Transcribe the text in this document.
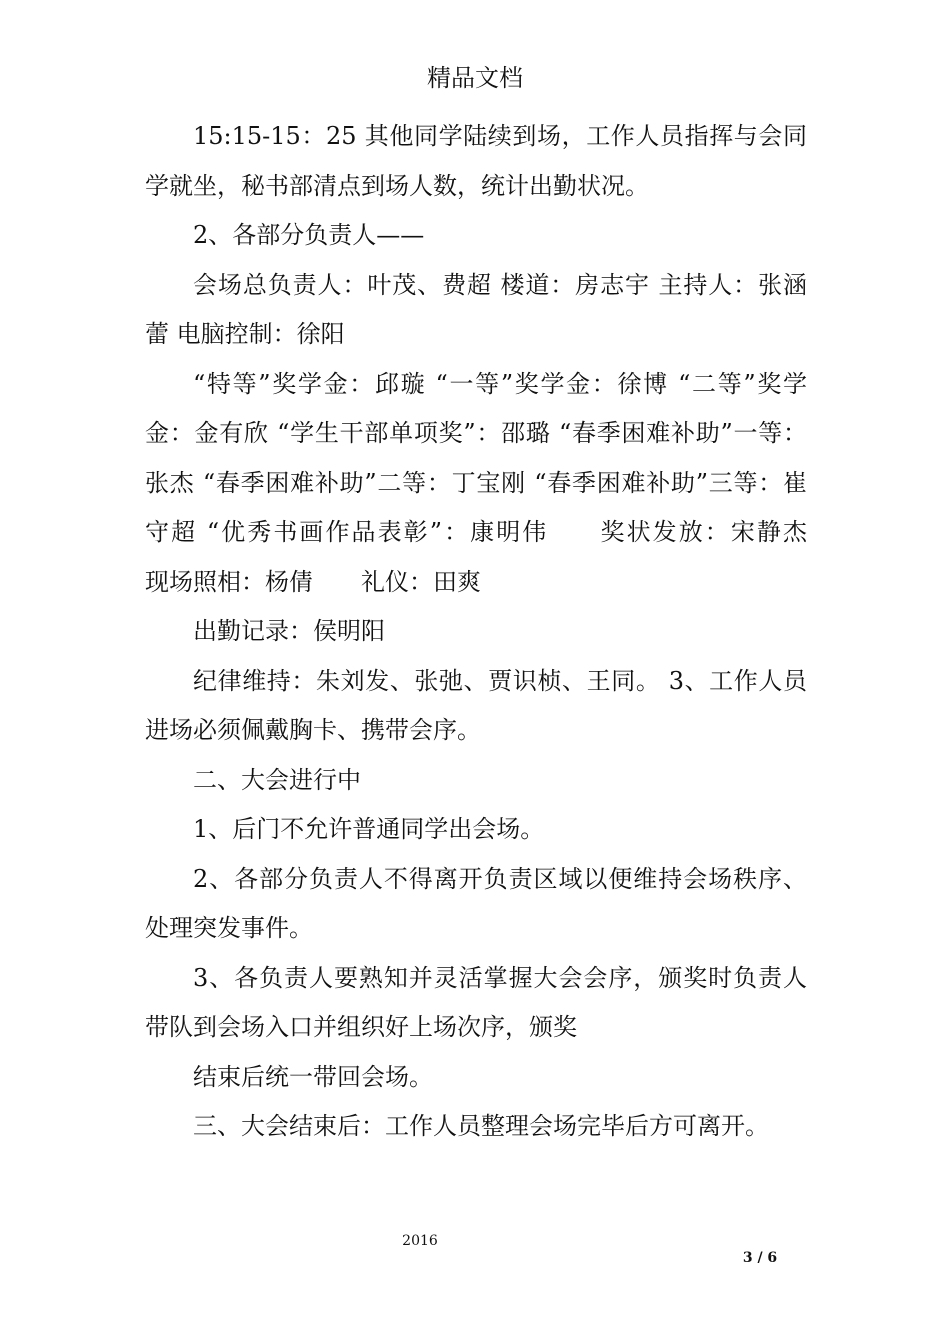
精品文档

15:15-15：25 其他同学陆续到场，工作人员指挥与会同学就坐，秘书部清点到场人数，统计出勤状况。

2、各部分负责人——

会场总负责人：叶茂、费超 楼道：房志宇 主持人：张涵蕾 电脑控制：徐阳

“特等”奖学金：邱璇 “一等”奖学金：徐博 “二等”奖学金：金有欣 “学生干部单项奖”：邵璐 “春季困难补助”一等：张杰 “春季困难补助”二等：丁宝刚 “春季困难补助”三等：崔守超 “优秀书画作品表彰”：康明伟　　奖状发放：宋静杰　　现场照相：杨倩　　礼仪：田爽

出勤记录：侯明阳

纪律维持：朱刘发、张弛、贾识桢、王同。 3、工作人员进场必须佩戴胸卡、携带会序。

二、大会进行中

1、后门不允许普通同学出会场。

2、各部分负责人不得离开负责区域以便维持会场秩序、处理突发事件。

3、各负责人要熟知并灵活掌握大会会序，颁奖时负责人带队到会场入口并组织好上场次序，颁奖

结束后统一带回会场。

三、大会结束后：工作人员整理会场完毕后方可离开。

2016
3 / 6
